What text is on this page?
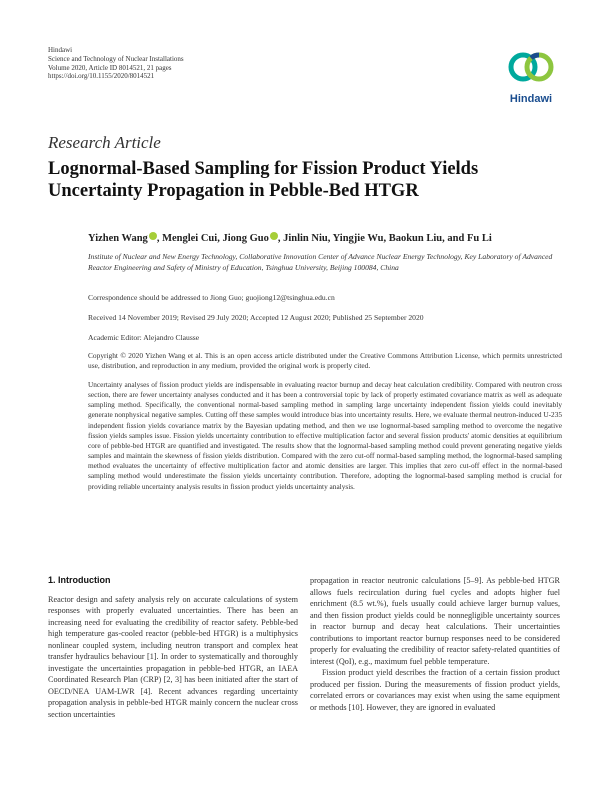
Hindawi
Science and Technology of Nuclear Installations
Volume 2020, Article ID 8014521, 21 pages
https://doi.org/10.1155/2020/8014521
Hindawi
Research Article
Lognormal-Based Sampling for Fission Product Yields Uncertainty Propagation in Pebble-Bed HTGR
Yizhen Wang , Menglei Cui, Jiong Guo , Jinlin Niu, Yingjie Wu, Baokun Liu, and Fu Li
Institute of Nuclear and New Energy Technology, Collaborative Innovation Center of Advance Nuclear Energy Technology, Key Laboratory of Advanced Reactor Engineering and Safety of Ministry of Education, Tsinghua University, Beijing 100084, China
Correspondence should be addressed to Jiong Guo; guojiong12@tsinghua.edu.cn
Received 14 November 2019; Revised 29 July 2020; Accepted 12 August 2020; Published 25 September 2020
Academic Editor: Alejandro Clausse
Copyright © 2020 Yizhen Wang et al. This is an open access article distributed under the Creative Commons Attribution License, which permits unrestricted use, distribution, and reproduction in any medium, provided the original work is properly cited.
Uncertainty analyses of fission product yields are indispensable in evaluating reactor burnup and decay heat calculation credibility. Compared with neutron cross section, there are fewer uncertainty analyses conducted and it has been a controversial topic by lack of properly estimated covariance matrix as well as adequate sampling method. Specifically, the conventional normal-based sampling method in sampling large uncertainty independent fission yields could inevitably generate nonphysical negative samples. Cutting off these samples would introduce bias into uncertainty results. Here, we evaluate thermal neutron-induced U-235 independent fission yields covariance matrix by the Bayesian updating method, and then we use lognormal-based sampling method to overcome the negative fission yields samples issue. Fission yields uncertainty contribution to effective multiplication factor and several fission products' atomic densities at equilibrium core of pebble-bed HTGR are quantified and investigated. The results show that the lognormal-based sampling method could prevent generating negative yields samples and maintain the skewness of fission yields distribution. Compared with the zero cut-off normal-based sampling method, the lognormal-based sampling method evaluates the uncertainty of effective multiplication factor and atomic densities are larger. This implies that zero cut-off effect in the normal-based sampling method would underestimate the fission yields uncertainty contribution. Therefore, adopting the lognormal-based sampling method is crucial for providing reliable uncertainty analysis results in fission product yields uncertainty analysis.
1. Introduction

Reactor design and safety analysis rely on accurate calculations of system responses with properly evaluated uncertainties. There has been an increasing need for evaluating the credibility of reactor safety. Pebble-bed high temperature gas-cooled reactor (pebble-bed HTGR) is a multiphysics nonlinear coupled system, including neutron transport and complex heat transfer hydraulics behaviour [1]. In order to systematically and thoroughly investigate the uncertainties propagation in pebble-bed HTGR, an IAEA Coordinated Research Plan (CRP) [2, 3] has been initiated after the start of OECD/NEA UAM-LWR [4]. Recent advances regarding uncertainty propagation analysis in pebble-bed HTGR mainly concern the nuclear cross section uncertainties

propagation in reactor neutronic calculations [5–9]. As pebble-bed HTGR allows fuels recirculation during fuel cycles and adopts higher fuel enrichment (8.5 wt.%), fuels usually could achieve larger burnup values, and then fission product yields could be nonnegligible uncertainty sources in reactor burnup and decay heat calculations. Their uncertainties contributions to important reactor burnup responses need to be considered properly for evaluating the credibility of reactor safety-related quantities of interest (QoI), e.g., maximum fuel pebble temperature.

Fission product yield describes the fraction of a certain fission product produced per fission. During the measurements of fission product yields, correlated errors or covariances may exist when using the same equipment or methods [10]. However, they are ignored in evaluated
